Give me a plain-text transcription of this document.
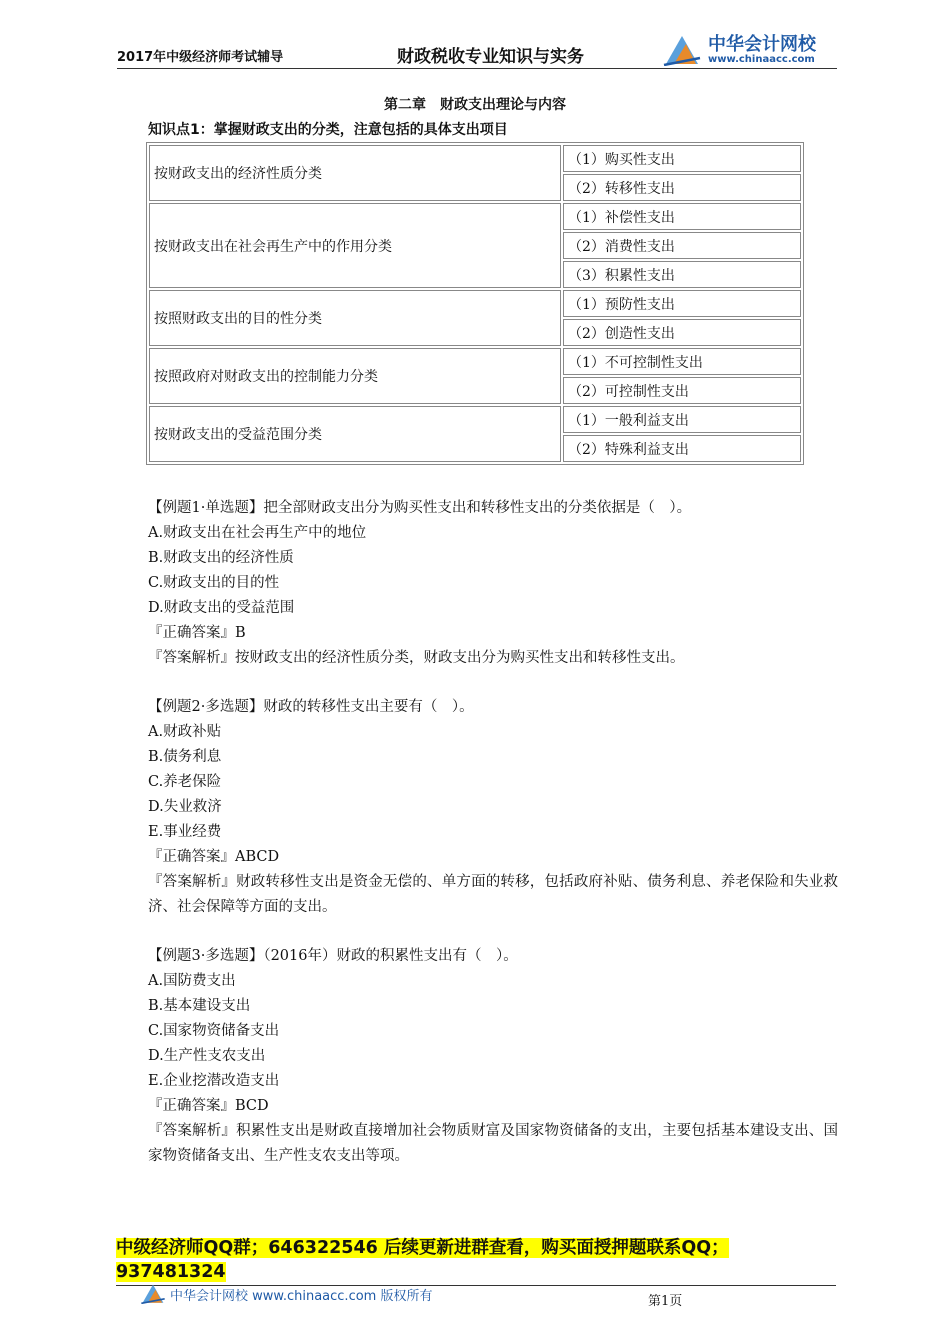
2017年中级经济师考试辅导	财政税收专业知识与实务
中华会计网校
www.chinaacc.com
第二章　财政支出理论与内容
知识点1：掌握财政支出的分类，注意包括的具体支出项目
按财政支出的经济性质分类	（1）购买性支出
	（2）转移性支出
按财政支出在社会再生产中的作用分类	（1）补偿性支出
	（2）消费性支出
	（3）积累性支出
按照财政支出的目的性分类	（1）预防性支出
	（2）创造性支出
按照政府对财政支出的控制能力分类	（1）不可控制性支出
	（2）可控制性支出
按财政支出的受益范围分类	（1）一般利益支出
	（2）特殊利益支出

【例题1·单选题】把全部财政支出分为购买性支出和转移性支出的分类依据是（　）。

A.财政支出在社会再生产中的地位

B.财政支出的经济性质

C.财政支出的目的性

D.财政支出的受益范围

『正确答案』B

『答案解析』按财政支出的经济性质分类，财政支出分为购买性支出和转移性支出。

【例题2·多选题】财政的转移性支出主要有（　）。

A.财政补贴

B.债务利息

C.养老保险

D.失业救济

E.事业经费

『正确答案』ABCD

『答案解析』财政转移性支出是资金无偿的、单方面的转移，包括政府补贴、债务利息、养老保险和失业救济、社会保障等方面的支出。

【例题3·多选题】（2016年）财政的积累性支出有（　）。

A.国防费支出

B.基本建设支出

C.国家物资储备支出

D.生产性支农支出

E.企业挖潜改造支出

『正确答案』BCD

『答案解析』积累性支出是财政直接增加社会物质财富及国家物资储备的支出，主要包括基本建设支出、国家物资储备支出、生产性支农支出等项。

中级经济师QQ群；646322546 后续更新进群查看，购买面授押题联系QQ；937481324
中华会计网校 www.chinaacc.com 版权所有	第1页
